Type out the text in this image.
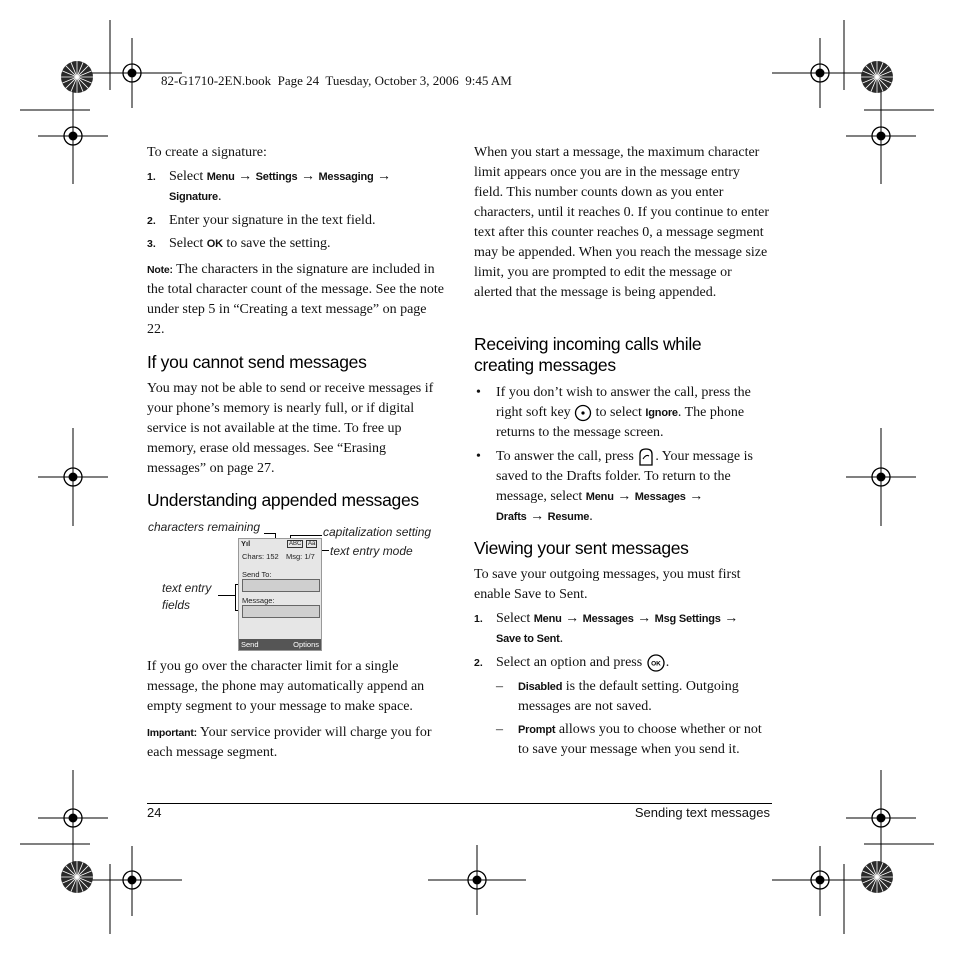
82-G1710-2EN.book  Page 24  Tuesday, October 3, 2006  9:45 AM
To create a signature:
1. Select Menu → Settings → Messaging →
Signature.
2. Enter your signature in the text field.
3. Select OK to save the setting.
Note: The characters in the signature are included in the total character count of the message. See the note under step 5 in “Creating a text message” on page 22.
If you cannot send messages
You may not be able to send or receive messages if your phone’s memory is nearly full, or if digital service is not available at the time. To free up memory, erase old messages. See “Erasing messages” on page 27.
Understanding appended messages
characters remaining	capitalization setting
text entry mode
text entry
fields
Yıl	ABC	Aa
Chars: 152 Msg: 1/7
Send To:
Message:
Send	Options
If you go over the character limit for a single message, the phone may automatically append an empty segment to your message to make space.
Important: Your service provider will charge you for each message segment.
When you start a message, the maximum character limit appears once you are in the message entry field. This number counts down as you enter characters, until it reaches 0. If you continue to enter text after this counter reaches 0, a message segment may be appended. When you reach the message size limit, you are prompted to edit the message or alerted that the message is being appended.
Receiving incoming calls while
creating messages
• If you don’t wish to answer the call, press the right soft key  to select Ignore. The phone returns to the message screen.
• To answer the call, press . Your message is saved to the Drafts folder. To return to the message, select Menu → Messages →
Drafts → Resume.
Viewing your sent messages
To save your outgoing messages, you must first enable Save to Sent.
1. Select Menu → Messages → Msg Settings →
Save to Sent.
2. Select an option and press OK .
– Disabled is the default setting. Outgoing messages are not saved.
– Prompt allows you to choose whether or not to save your message when you send it.
24	Sending text messages
